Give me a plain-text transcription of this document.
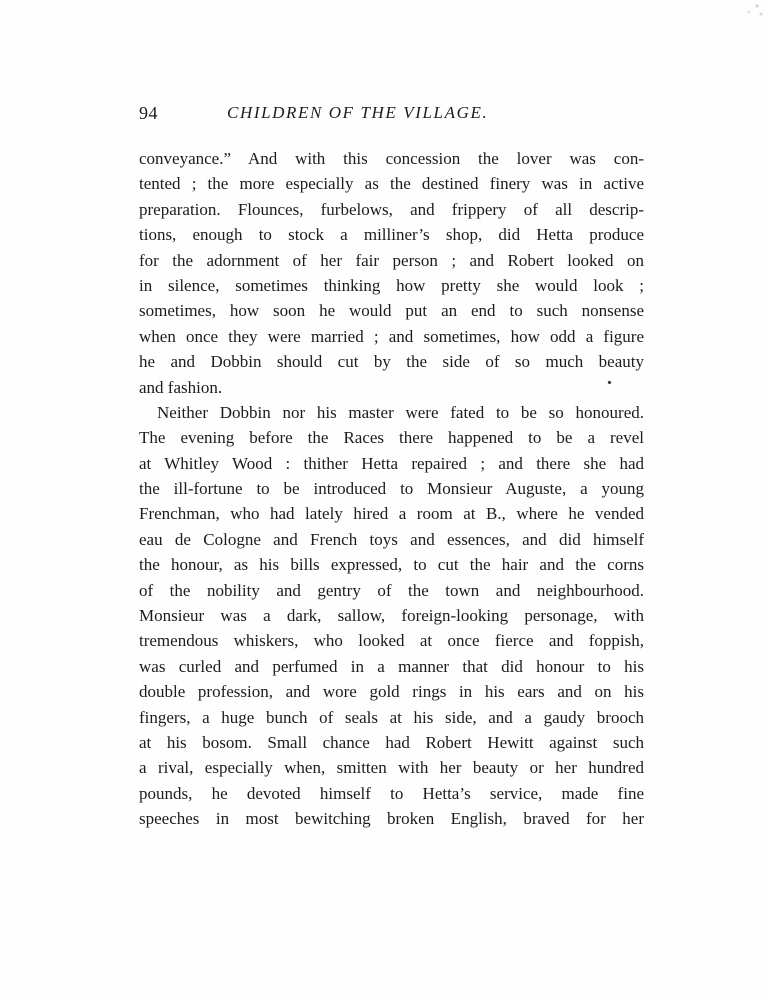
94	CHILDREN OF THE VILLAGE.
conveyance.” And with this concession the lover was con-
tented ; the more especially as the destined finery was in active
preparation. Flounces, furbelows, and frippery of all descrip-
tions, enough to stock a milliner’s shop, did Hetta produce
for the adornment of her fair person ; and Robert looked on
in silence, sometimes thinking how pretty she would look ;
sometimes, how soon he would put an end to such nonsense
when once they were married ; and sometimes, how odd a figure
he and Dobbin should cut by the side of so much beauty
and fashion.
Neither Dobbin nor his master were fated to be so honoured.
The evening before the Races there happened to be a revel
at Whitley Wood : thither Hetta repaired ; and there she had
the ill-fortune to be introduced to Monsieur Auguste, a young
Frenchman, who had lately hired a room at B., where he vended
eau de Cologne and French toys and essences, and did himself
the honour, as his bills expressed, to cut the hair and the corns
of the nobility and gentry of the town and neighbourhood.
Monsieur was a dark, sallow, foreign-looking personage, with
tremendous whiskers, who looked at once fierce and foppish,
was curled and perfumed in a manner that did honour to his
double profession, and wore gold rings in his ears and on his
fingers, a huge bunch of seals at his side, and a gaudy brooch
at his bosom. Small chance had Robert Hewitt against such
a rival, especially when, smitten with her beauty or her hundred
pounds, he devoted himself to Hetta’s service, made fine
speeches in most bewitching broken English, braved for her
